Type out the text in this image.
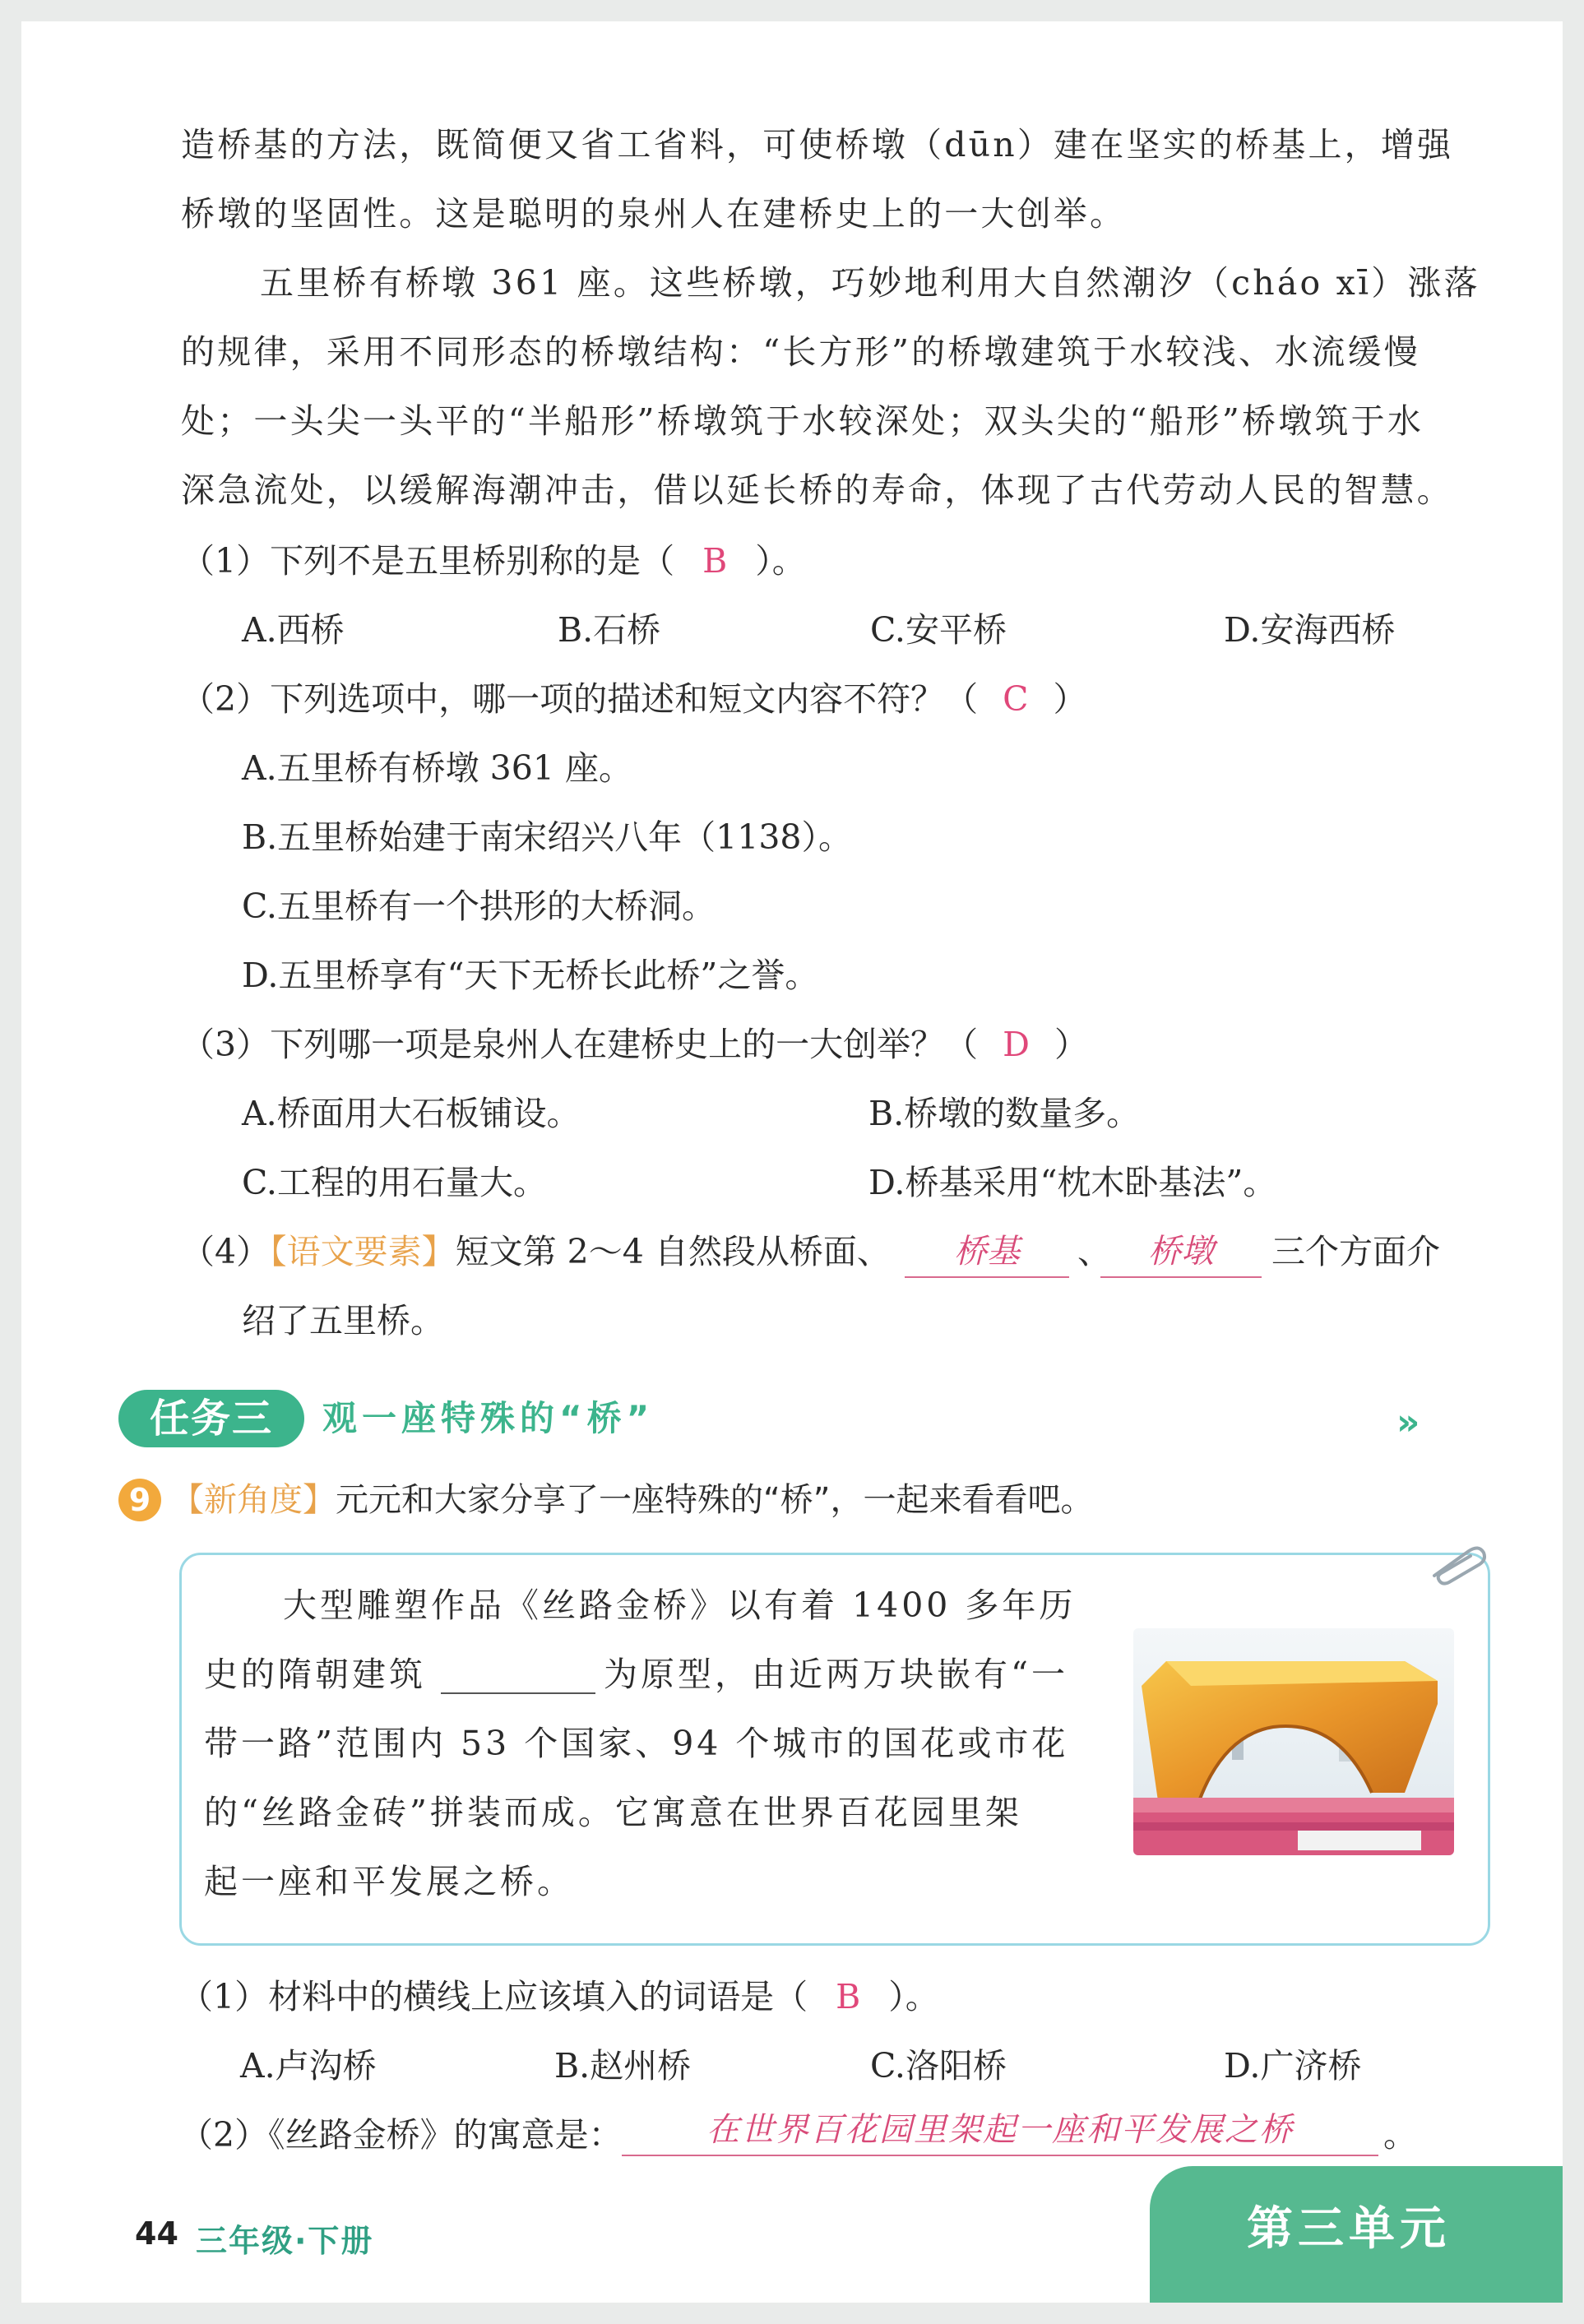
造桥基的方法，既简便又省工省料，可使桥墩（dūn）建在坚实的桥基上，增强
桥墩的坚固性。这是聪明的泉州人在建桥史上的一大创举。
五里桥有桥墩 361 座。这些桥墩，巧妙地利用大自然潮汐（cháo xī）涨落
的规律，采用不同形态的桥墩结构：“长方形”的桥墩建筑于水较浅、水流缓慢
处；一头尖一头平的“半船形”桥墩筑于水较深处；双头尖的“船形”桥墩筑于水
深急流处，以缓解海潮冲击，借以延长桥的寿命，体现了古代劳动人民的智慧。
（1）下列不是五里桥别称的是（ B ）。
A.西桥	B.石桥	C.安平桥	D.安海西桥
（2）下列选项中，哪一项的描述和短文内容不符？（ C ）
A.五里桥有桥墩 361 座。
B.五里桥始建于南宋绍兴八年（1138）。
C.五里桥有一个拱形的大桥洞。
D.五里桥享有“天下无桥长此桥”之誉。
（3）下列哪一项是泉州人在建桥史上的一大创举？（ D ）
A.桥面用大石板铺设。	B.桥墩的数量多。
C.工程的用石量大。	D.桥基采用“枕木卧基法”。
（4）【语文要素】短文第 2～4 自然段从桥面、	桥基	、	桥墩	三个方面介
绍了五里桥。
任务三	观一座特殊的“桥”	»
9 【新角度】元元和大家分享了一座特殊的“桥”，一起来看看吧。
大型雕塑作品《丝路金桥》以有着 1400 多年历
史的隋朝建筑	为原型，由近两万块嵌有“一
带一路”范围内 53 个国家、94 个城市的国花或市花
的“丝路金砖”拼装而成。它寓意在世界百花园里架
起一座和平发展之桥。
（1）材料中的横线上应该填入的词语是（ B ）。
A.卢沟桥	B.赵州桥	C.洛阳桥	D.广济桥
（2）《丝路金桥》的寓意是：	在世界百花园里架起一座和平发展之桥	。
44 三年级·下册	第三单元
